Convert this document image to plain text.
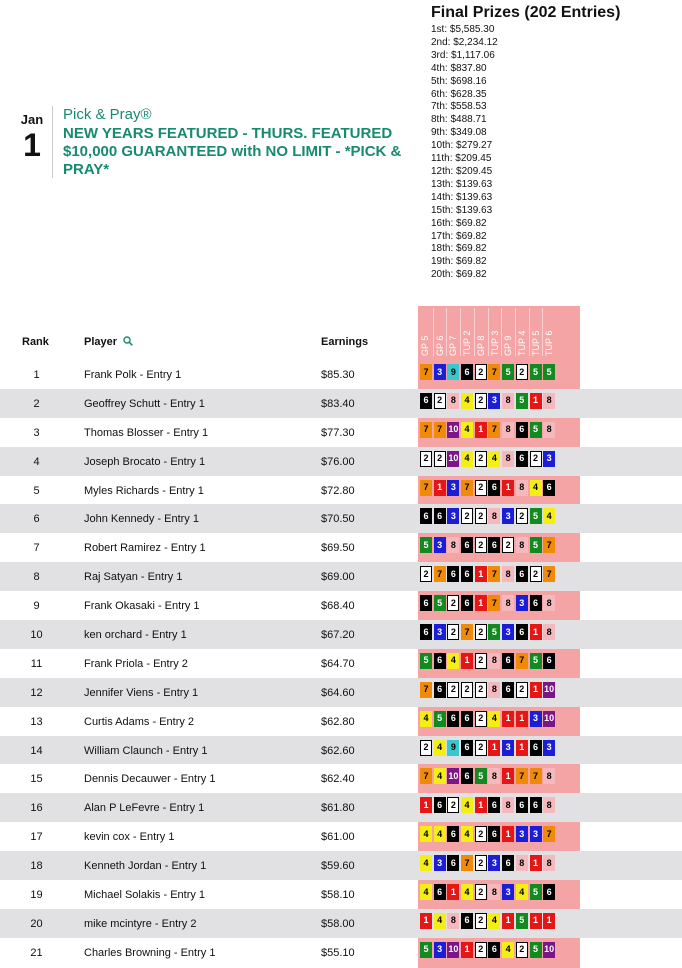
Jan
1
Pick & Pray®
NEW YEARS FEATURED - THURS. FEATURED $10,000 GUARANTEED with NO LIMIT - *PICK & PRAY*
Final Prizes (202 Entries)
1st: $5,585.30
2nd: $2,234.12
3rd: $1,117.06
4th: $837.80
5th: $698.16
6th: $628.35
7th: $558.53
8th: $488.71
9th: $349.08
10th: $279.27
11th: $209.45
12th: $209.45
13th: $139.63
14th: $139.63
15th: $139.63
16th: $69.82
17th: $69.82
18th: $69.82
19th: $69.82
20th: $69.82
GP 5 GP 6 GP 7 TUP 2 GP 8 TUP 3 GP 9 TUP 4 TUP 5 TUP 6
Rank	Player	Earnings
1	Frank Polk - Entry 1	$85.30	7 3 9 6 2 7 5 2 5 5
2	Geoffrey Schutt - Entry 1	$83.40	6 2 8 4 2 3 8 5 1 8
3	Thomas Blosser - Entry 1	$77.30	7 7 10 4 1 7 8 6 5 8
4	Joseph Brocato - Entry 1	$76.00	2 2 10 4 2 4 8 6 2 3
5	Myles Richards - Entry 1	$72.80	7 1 3 7 2 6 1 8 4 6
6	John Kennedy - Entry 1	$70.50	6 6 3 2 2 8 3 2 5 4
7	Robert Ramirez - Entry 1	$69.50	5 3 8 6 2 6 2 8 5 7
8	Raj Satyan - Entry 1	$69.00	2 7 6 6 1 7 8 6 2 7
9	Frank Okasaki - Entry 1	$68.40	6 5 2 6 1 7 8 3 6 8
10	ken orchard - Entry 1	$67.20	6 3 2 7 2 5 3 6 1 8
11	Frank Priola - Entry 2	$64.70	5 6 4 1 2 8 6 7 5 6
12	Jennifer Viens - Entry 1	$64.60	7 6 2 2 2 8 6 2 1 10
13	Curtis Adams - Entry 2	$62.80	4 5 6 6 2 4 1 1 3 10
14	William Claunch - Entry 1	$62.60	2 4 9 6 2 1 3 1 6 3
15	Dennis Decauwer - Entry 1	$62.40	7 4 10 6 5 8 1 7 7 8
16	Alan P LeFevre - Entry 1	$61.80	1 6 2 4 1 6 8 6 6 8
17	kevin cox - Entry 1	$61.00	4 4 6 4 2 6 1 3 3 7
18	Kenneth Jordan - Entry 1	$59.60	4 3 6 7 2 3 6 8 1 8
19	Michael Solakis - Entry 1	$58.10	4 6 1 4 2 8 3 4 5 6
20	mike mcintyre - Entry 2	$58.00	1 4 8 6 2 4 1 5 1 1
21	Charles Browning - Entry 1	$55.10	5 3 10 1 2 6 4 2 5 10
